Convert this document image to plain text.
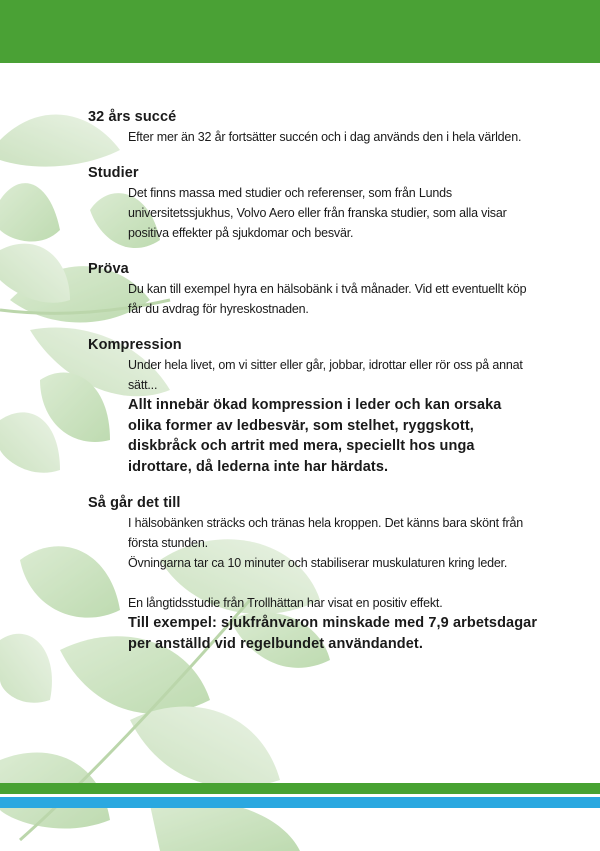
32 års succé
Efter mer än 32 år fortsätter succén och i dag används den i hela världen.
Studier
Det finns massa med studier och referenser, som från Lunds universitetssjukhus, Volvo Aero eller från franska studier, som alla visar positiva effekter på sjukdomar och besvär.
Pröva
Du kan till exempel hyra en hälsobänk i två månader. Vid ett eventuellt köp får du avdrag för hyreskostnaden.
Kompression
Under hela livet, om vi sitter eller går, jobbar, idrottar eller rör oss på annat sätt...
Allt innebär ökad kompression i leder och kan orsaka olika former av ledbesvär, som stelhet, ryggskott, diskbråck och artrit med mera, speciellt hos unga idrottare, då lederna inte har härdats.
Så går det till
I hälsobänken sträcks och tränas hela kroppen. Det känns bara skönt från första stunden.
Övningarna tar ca 10 minuter och stabiliserar muskulaturen kring leder.
En långtidsstudie från Trollhättan har visat en positiv effekt.
Till exempel: sjukfrånvaron minskade med 7,9 arbetsdagar per anställd vid regelbundet användandet.
